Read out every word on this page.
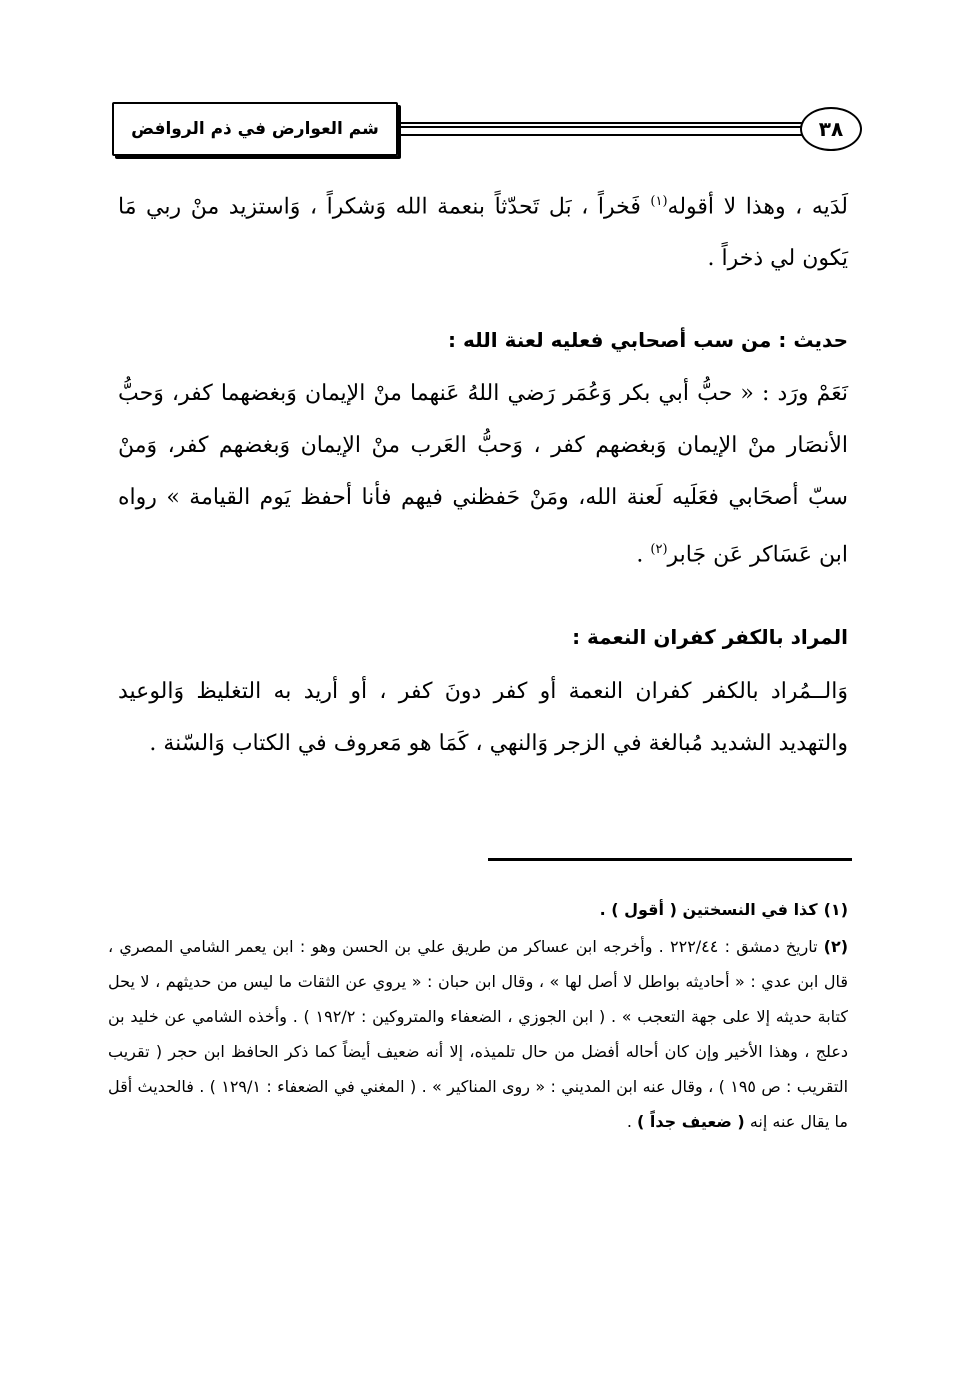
شم العوارض في ذم الروافض	٣٨
لَدَيه ، وهذا لا أقوله$^{(١)}$ فَخراً ، بَل تَحدّثاً بنعمة الله وَشكراً ، وَاستزيد منْ ربي مَا يَكون لي ذخراً .
حديث : من سب أصحابي فعليه لعنة الله :
نَعَمْ ورَد : « حبُّ أبي بكر وَعُمَر رَضي اللهُ عَنهما منْ الإيمان وَبغضهما كفر، وَحبُّ الأنصَار منْ الإيمان وَبغضهم كفر ، وَحبُّ العَرب منْ الإيمان وَبغضهم كفر، وَمنْ سبّ أصحَابي فعَلَيه لَعنة الله، ومَنْ حَفظني فيهم فأنا أحفظ يَوم القيامة » رواه ابن عَسَاكر عَن جَابر$^{(٢)}$ .
المراد بالكفر كفران النعمة :
وَالــمُراد بالكفر كفران النعمة أو كفر دونَ كفر ، أو أريد به التغليظ وَالوعيد والتهديد الشديد مُبالغة في الزجر وَالنهي ، كَمَا هو مَعروف في الكتاب وَالسّنة .
(١)كذا في النسختين ( أقول ) .
(٢)تاريخ دمشق : ٢٢٢/٤٤ . وأخرجه ابن عساكر من طريق علي بن الحسن وهو : ابن يعمر الشامي المصري ، قال ابن عدي : « أحاديثه بواطل لا أصل لها » ، وقال ابن حبان : « يروي عن الثقات ما ليس من حديثهم ، لا يحل كتابة حديثه إلا على جهة التعجب » . ( ابن الجوزي ، الضعفاء والمتروكين : ١٩٢/٢ ) . وأخذه الشامي عن خليد بن دعلج ، وهذا الأخير وإن كان أحاله أفضل من حال تلميذه، إلا أنه ضعيف أيضاً كما ذكر الحافظ ابن حجر ( تقريب التقريب : ص ١٩٥ ) ، وقال عنه ابن المديني : « روى المناكير » . ( المغني في الضعفاء : ١٢٩/١ ) . فالحديث أقل ما يقال عنه إنه ( ضعيف جداً ) .
